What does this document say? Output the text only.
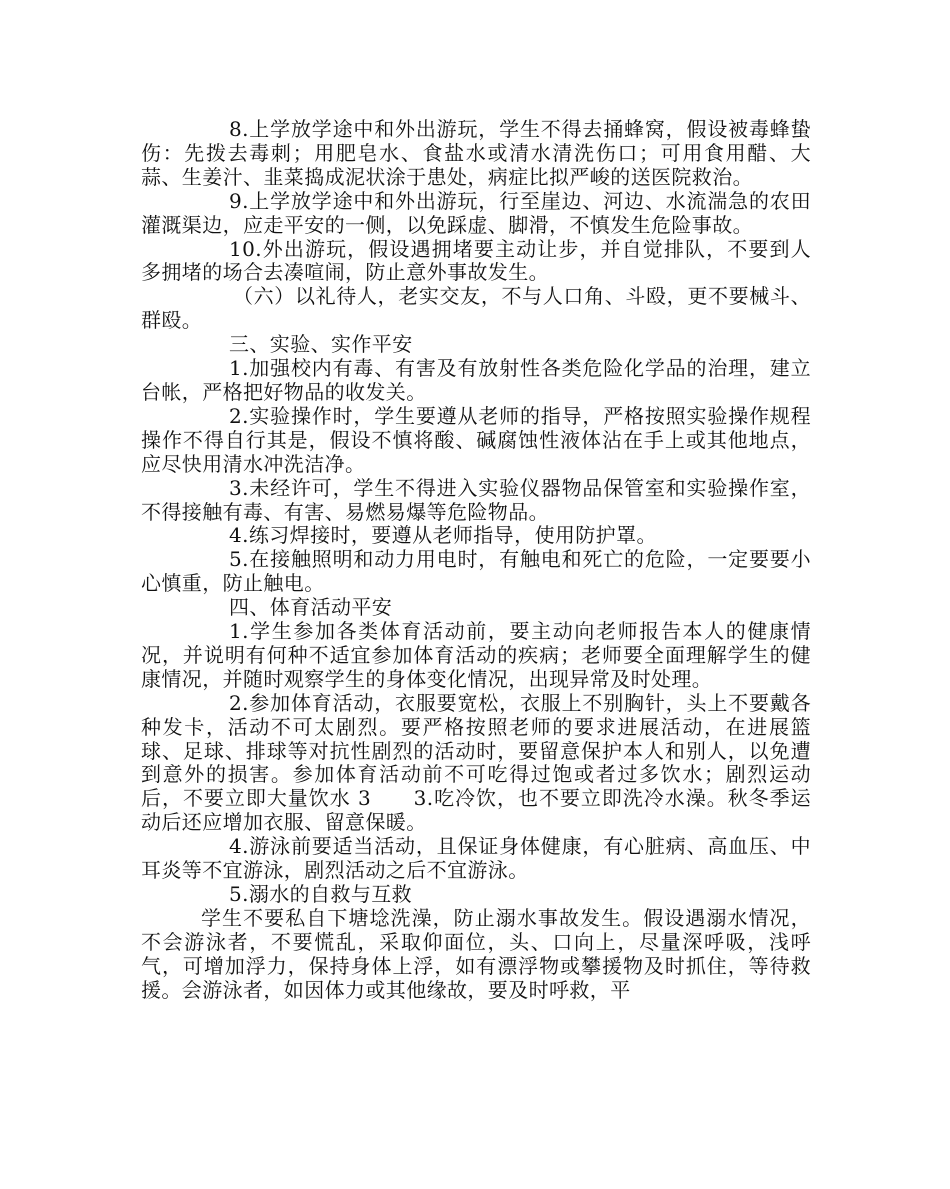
8.上学放学途中和外出游玩，学生不得去捅蜂窝，假设被毒蜂蛰伤：先拨去毒刺；用肥皂水、食盐水或清水清洗伤口；可用食用醋、大蒜、生姜汁、韭菜捣成泥状涂于患处，病症比拟严峻的送医院救治。

9.上学放学途中和外出游玩，行至崖边、河边、水流湍急的农田灌溉渠边，应走平安的一侧，以免踩虚、脚滑，不慎发生危险事故。

10.外出游玩，假设遇拥堵要主动让步，并自觉排队，不要到人多拥堵的场合去凑喧闹，防止意外事故发生。

（六）以礼待人，老实交友，不与人口角、斗殴，更不要械斗、群殴。

三、实验、实作平安

1.加强校内有毒、有害及有放射性各类危险化学品的治理，建立台帐，严格把好物品的收发关。

2.实验操作时，学生要遵从老师的指导，严格按照实验操作规程操作不得自行其是，假设不慎将酸、碱腐蚀性液体沾在手上或其他地点，应尽快用清水冲洗洁净。

3.未经许可，学生不得进入实验仪器物品保管室和实验操作室，不得接触有毒、有害、易燃易爆等危险物品。

4.练习焊接时，要遵从老师指导，使用防护罩。

5.在接触照明和动力用电时，有触电和死亡的危险，一定要要小心慎重，防止触电。

四、体育活动平安

1.学生参加各类体育活动前，要主动向老师报告本人的健康情况，并说明有何种不适宜参加体育活动的疾病；老师要全面理解学生的健康情况，并随时观察学生的身体变化情况，出现异常及时处理。

2.参加体育活动，衣服要宽松，衣服上不别胸针，头上不要戴各种发卡，活动不可太剧烈。要严格按照老师的要求进展活动，在进展篮球、足球、排球等对抗性剧烈的活动时，要留意保护本人和别人，以免遭到意外的损害。参加体育活动前不可吃得过饱或者过多饮水；剧烈运动后，不要立即大量饮水 3　　3.吃冷饮，也不要立即洗冷水澡。秋冬季运动后还应增加衣服、留意保暖。

4.游泳前要适当活动，且保证身体健康，有心脏病、高血压、中耳炎等不宜游泳，剧烈活动之后不宜游泳。

5.溺水的自救与互救

学生不要私自下塘埝洗澡，防止溺水事故发生。假设遇溺水情况，不会游泳者，不要慌乱，采取仰面位，头、口向上，尽量深呼吸，浅呼气，可增加浮力，保持身体上浮，如有漂浮物或攀援物及时抓住，等待救援。会游泳者，如因体力或其他缘故，要及时呼救，平
